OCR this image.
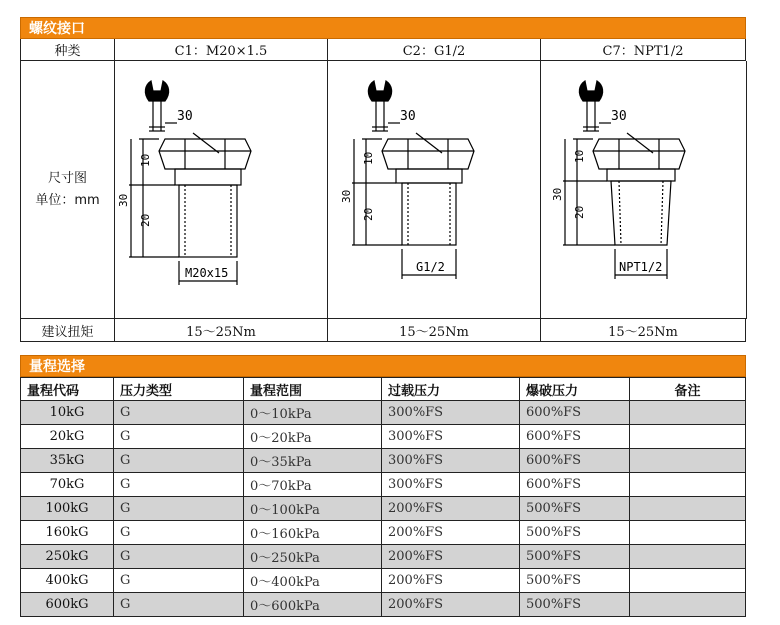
螺纹接口
种类	C1：M20×1.5	C2：G1/2	C7：NPT1/2
尺寸图
单位：mm
30
10
20
30
M20x15
30
10
20
30
G1/2
30
10
20
30
NPT1/2
建议扭矩	15～25Nm	15～25Nm	15～25Nm
量程选择
量程代码	压力类型	量程范围	过载压力	爆破压力	备注
10kG	G	0～10kPa	300%FS	600%FS	
20kG	G	0～20kPa	300%FS	600%FS	
35kG	G	0～35kPa	300%FS	600%FS	
70kG	G	0～70kPa	300%FS	600%FS	
100kG	G	0～100kPa	200%FS	500%FS	
160kG	G	0～160kPa	200%FS	500%FS	
250kG	G	0～250kPa	200%FS	500%FS	
400kG	G	0～400kPa	200%FS	500%FS	
600kG	G	0～600kPa	200%FS	500%FS	
